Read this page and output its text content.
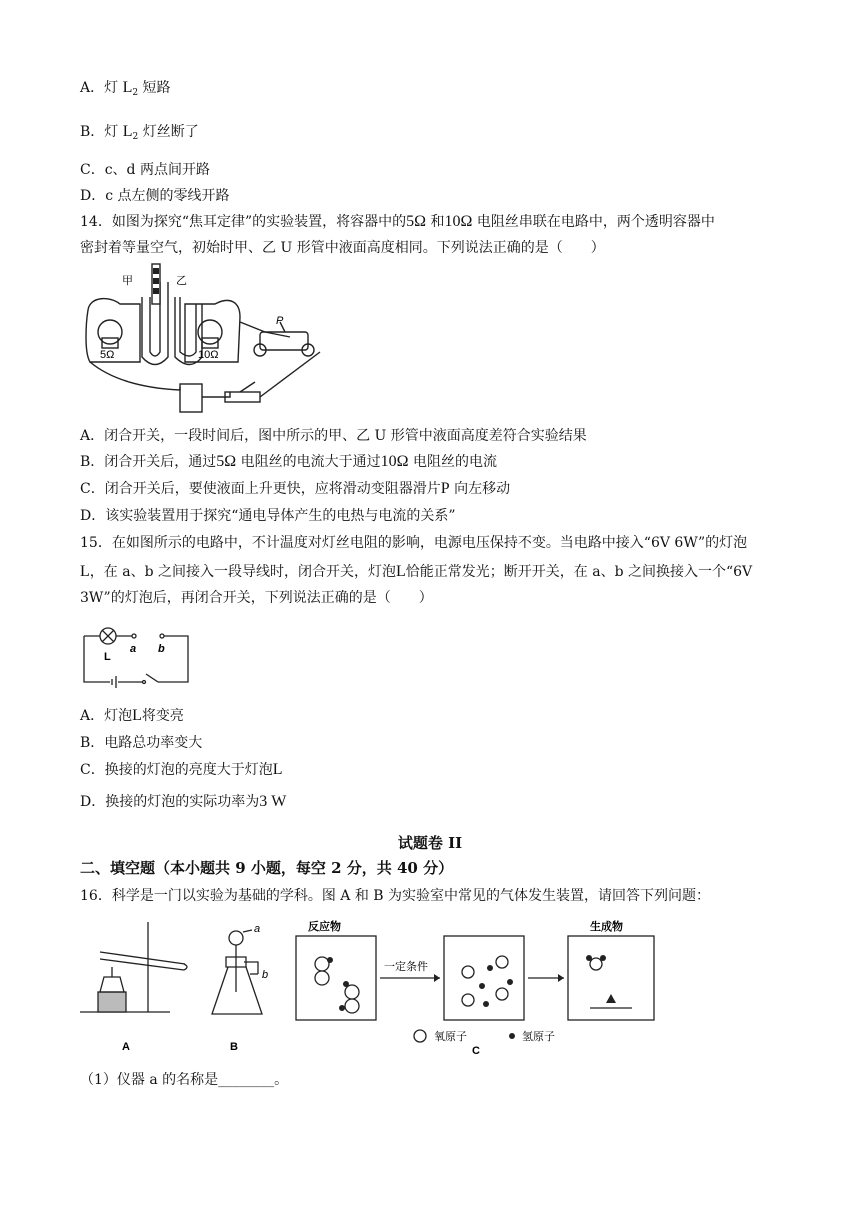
A．灯 $L_2$ 短路
B．灯 $L_2$ 灯丝断了
C．c、d 两点间开路
D．c 点左侧的零线开路
14．如图为探究“焦耳定律”的实验装置，将容器中的5Ω 和10Ω 电阻丝串联在电路中，两个透明容器中
密封着等量空气，初始时甲、乙 U 形管中液面高度相同。下列说法正确的是（　　）
甲	乙
5Ω	10Ω
P
A．闭合开关，一段时间后，图中所示的甲、乙 U 形管中液面高度差符合实验结果
B．闭合开关后，通过5Ω 电阻丝的电流大于通过10Ω 电阻丝的电流
C．闭合开关后，要使液面上升更快，应将滑动变阻器滑片P 向左移动
D．该实验装置用于探究“通电导体产生的电热与电流的关系”
15．在如图所示的电路中，不计温度对灯丝电阻的影响，电源电压保持不变。当电路中接入“6V 6W”的灯泡
L，在 a、b 之间接入一段导线时，闭合开关，灯泡L恰能正常发光；断开开关，在 a、b 之间换接入一个“6V
3W”的灯泡后，再闭合开关，下列说法正确的是（　　）
a b
L
A．灯泡L将变亮
B．电路总功率变大
C．换接的灯泡的亮度大于灯泡L
D．换接的灯泡的实际功率为3 W
试题卷 II
二、填空题（本小题共 9 小题，每空 2 分，共 40 分）
16．科学是一门以实验为基础的学科。图 A 和 B 为实验室中常见的气体发生装置，请回答下列问题：
A
a
b
B
反应物
一定条件
生成物
氧原子	氢原子
C
（1）仪器 a 的名称是________。
